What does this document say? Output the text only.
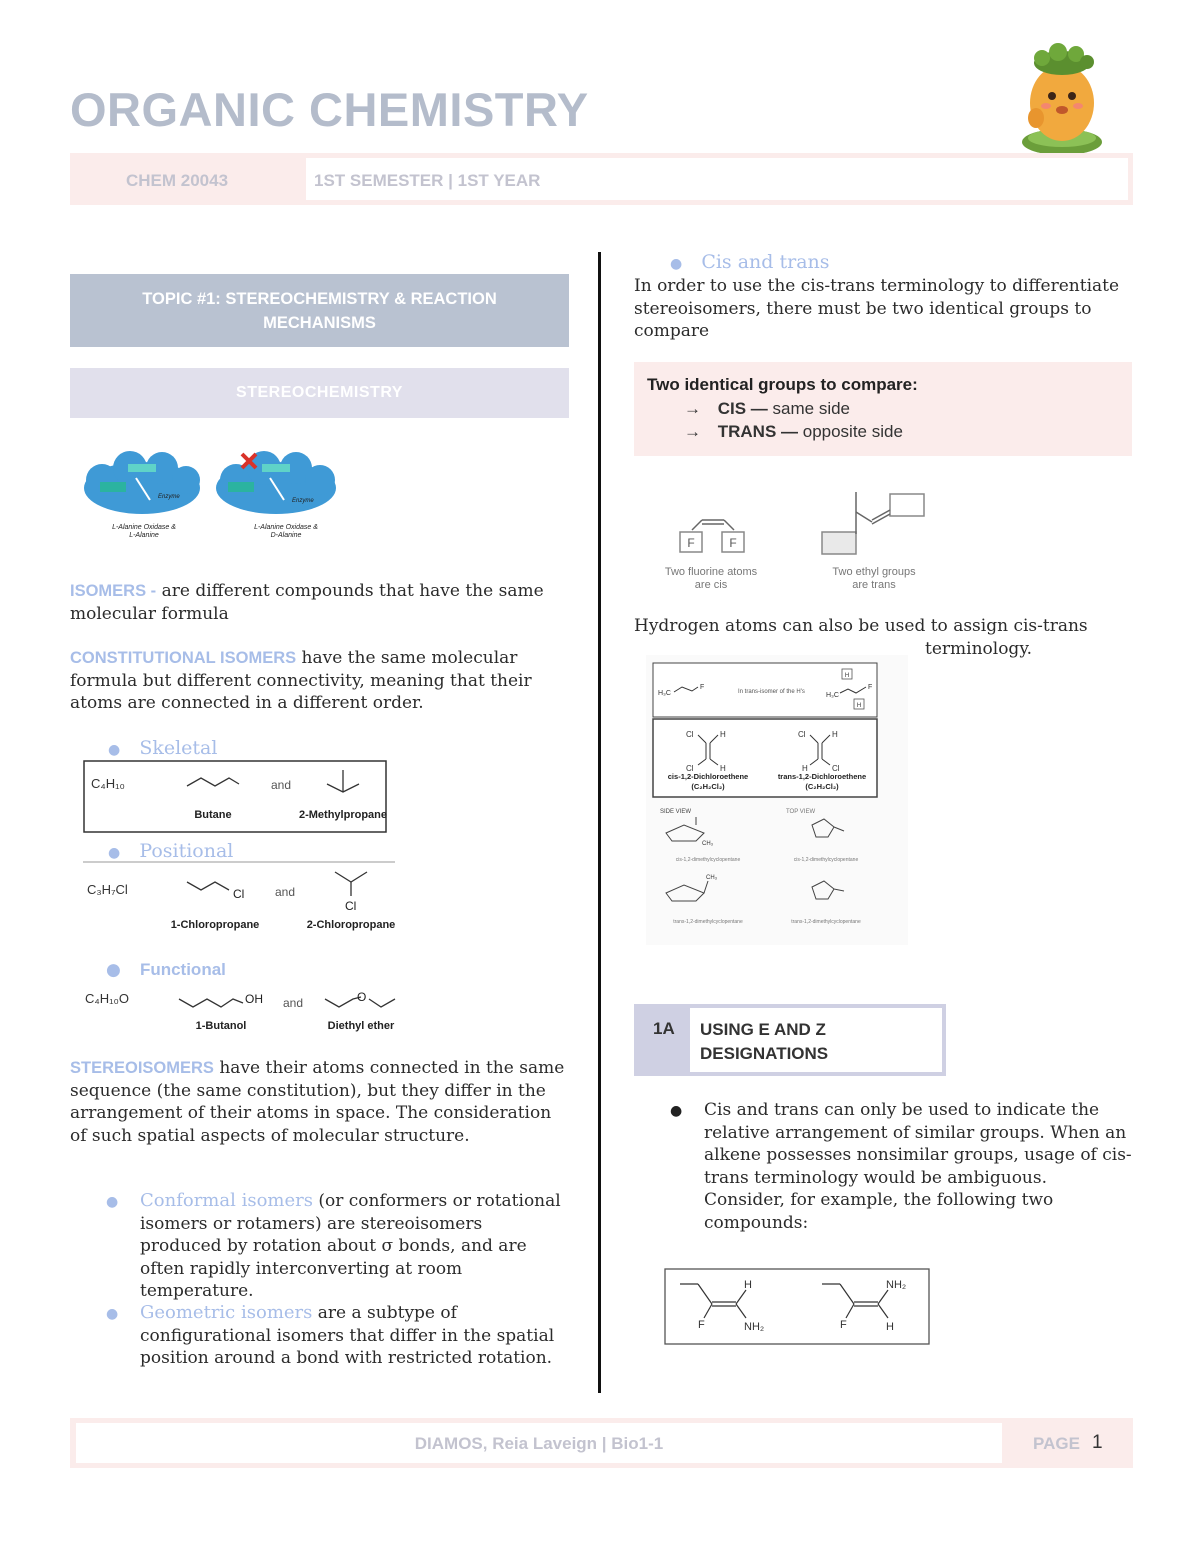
ORGANIC CHEMISTRY
CHEM 20043	1ST SEMESTER | 1ST YEAR
TOPIC #1: STEREOCHEMISTRY & REACTION MECHANISMS
STEREOCHEMISTRY
Enzyme
Enzyme
L-Alanine Oxidase &
L-Alanine
L-Alanine Oxidase &
D-Alanine
ISOMERS - are different compounds that have the same molecular formula
CONSTITUTIONAL ISOMERS have the same molecular formula but different connectivity, meaning that their atoms are connected in a different order.
● Skeletal
C₄H₁₀	and
Butane	2-Methylpropane
● Positional
C₃H₇Cl	Cl	and
Cl
1-Chloropropane	2-Chloropropane
● Functional
C₄H₁₀O	OH and	O
1-Butanol	Diethyl ether
STEREOISOMERS have their atoms connected in the same sequence (the same constitution), but they differ in the arrangement of their atoms in space. The consideration of such spatial aspects of molecular structure.
● Conformal isomers (or conformers or rotational isomers or rotamers) are stereoisomers produced by rotation about σ bonds, and are often rapidly interconverting at room temperature.
● Geometric isomers are a subtype of configurational isomers that differ in the spatial position around a bond with restricted rotation.
● Cis and trans
In order to use the cis-trans terminology to differentiate stereoisomers, there must be two identical groups to compare
Two identical groups to compare:
→ CIS — same side
→ TRANS — opposite side
F	F
Two fluorine atoms
are cis
Two ethyl groups
are trans
Hydrogen atoms can also be used to assign cis-trans
terminology.
H₃C
F
In trans-isomer of the H's	H₃C
H
H
F
Cl	H
Cl	H
cis-1,2-Dichloroethene
(C₂H₂Cl₂)
Cl	H
H	Cl
trans-1,2-Dichloroethene
(C₂H₂Cl₂)
SIDE VIEW	TOP VIEW
CH₃
cis-1,2-dimethylcyclopentane	cis-1,2-dimethylcyclopentane
CH₃
trans-1,2-dimethylcyclopentane	trans-1,2-dimethylcyclopentane
1A USING E AND Z
DESIGNATIONS
● Cis and trans can only be used to indicate the relative arrangement of similar groups. When an alkene possesses nonsimilar groups, usage of cis-trans terminology would be ambiguous. Consider, for example, the following two compounds:
F
H
NH₂	F
NH₂
H
DIAMOS, Reia Laveign | Bio1-1	PAGE 1
